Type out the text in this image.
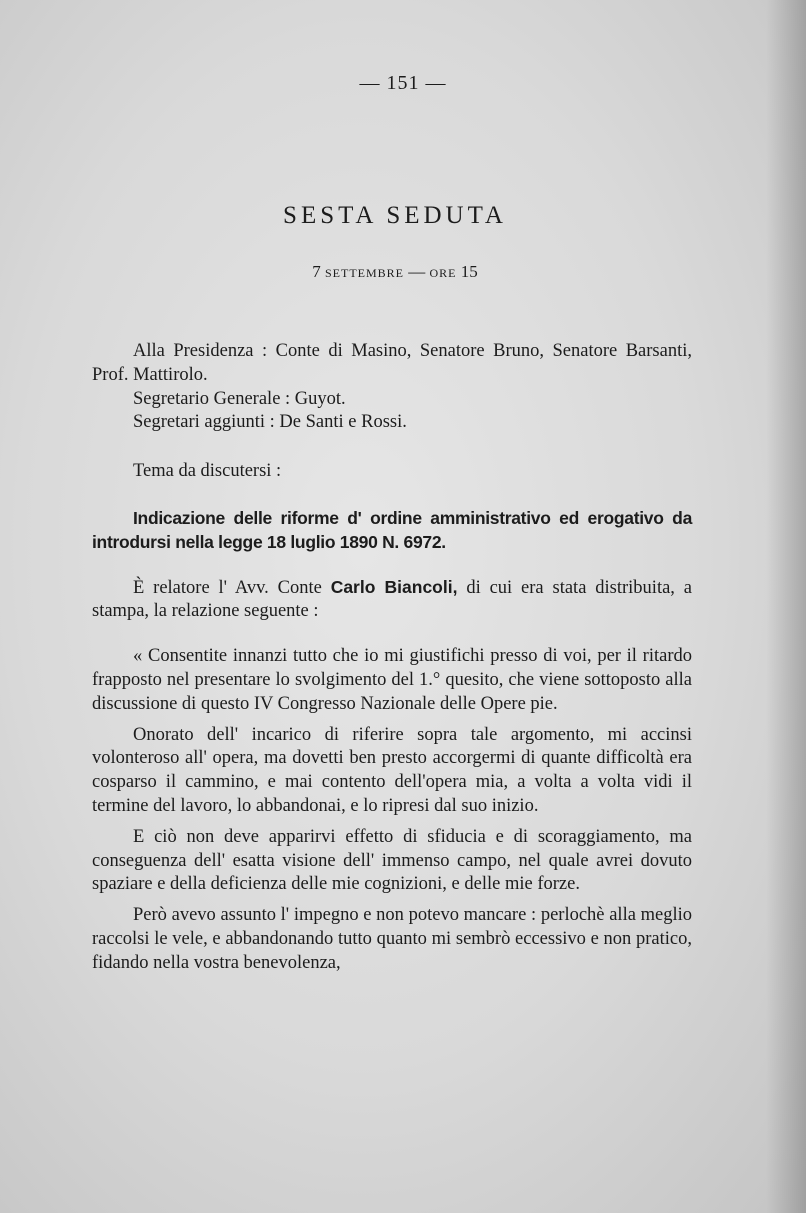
— 151 —
SESTA SEDUTA
7 SETTEMBRE — ORE 15

Alla Presidenza : Conte di Masino, Senatore Bruno, Senatore Barsanti, Prof. Mattirolo.

Segretario Generale : Guyot.

Segretari aggiunti : De Santi e Rossi.

Tema da discutersi :

Indicazione delle riforme d' ordine amministrativo ed erogativo da introdursi nella legge 18 luglio 1890 N. 6972.

È relatore l' Avv. Conte Carlo Biancoli, di cui era stata distribuita, a stampa, la relazione seguente :

« Consentite innanzi tutto che io mi giustifichi presso di voi, per il ritardo frapposto nel presentare lo svolgimento del 1.° quesito, che viene sottoposto alla discussione di questo IV Congresso Nazionale delle Opere pie.

Onorato dell' incarico di riferire sopra tale argomento, mi accinsi volonteroso all' opera, ma dovetti ben presto accorgermi di quante difficoltà era cosparso il cammino, e mai contento dell'opera mia, a volta a volta vidi il termine del lavoro, lo abbandonai, e lo ripresi dal suo inizio.

E ciò non deve apparirvi effetto di sfiducia e di scoraggiamento, ma conseguenza dell' esatta visione dell' immenso campo, nel quale avrei dovuto spaziare e della deficienza delle mie cognizioni, e delle mie forze.

Però avevo assunto l' impegno e non potevo mancare : perlochè alla meglio raccolsi le vele, e abbandonando tutto quanto mi sembrò eccessivo e non pratico, fidando nella vostra benevolenza,
